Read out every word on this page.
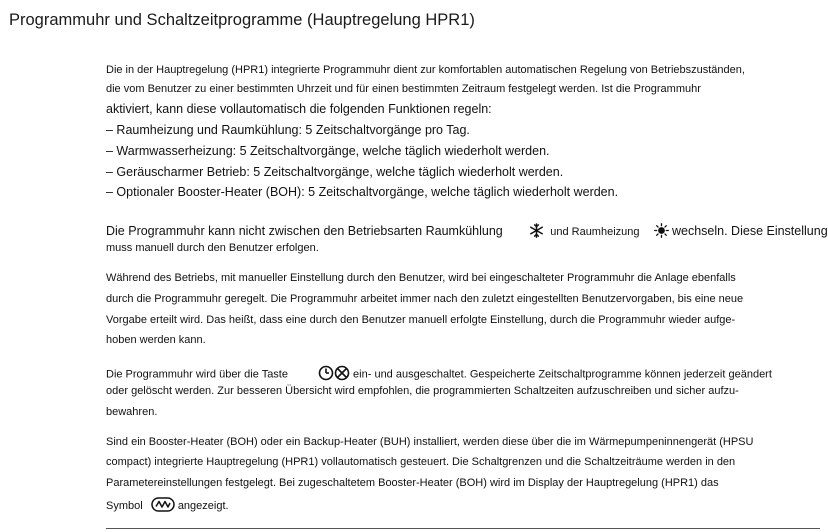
Programmuhr und Schaltzeitprogramme (Hauptregelung HPR1)
Die in der Hauptregelung (HPR1) integrierte Programmuhr dient zur komfortablen automatischen Regelung von Betriebszuständen,
die vom Benutzer zu einer bestimmten Uhrzeit und für einen bestimmten Zeitraum festgelegt werden. Ist die Programmuhr
aktiviert, kann diese vollautomatisch die folgenden Funktionen regeln:
– Raumheizung und Raumkühlung: 5 Zeitschaltvorgänge pro Tag.
– Warmwasserheizung: 5 Zeitschaltvorgänge, welche täglich wiederholt werden.
– Geräuscharmer Betrieb: 5 Zeitschaltvorgänge, welche täglich wiederholt werden.
– Optionaler Booster-Heater (BOH): 5 Zeitschaltvorgänge, welche täglich wiederholt werden.
Die Programmuhr kann nicht zwischen den Betriebsarten Raumkühlung	und Raumheizung	wechseln. Diese Einstellung
muss manuell durch den Benutzer erfolgen.
Während des Betriebs, mit manueller Einstellung durch den Benutzer, wird bei eingeschalteter Programmuhr die Anlage ebenfalls
durch die Programmuhr geregelt. Die Programmuhr arbeitet immer nach den zuletzt eingestellten Benutzervorgaben, bis eine neue
Vorgabe erteilt wird. Das heißt, dass eine durch den Benutzer manuell erfolgte Einstellung, durch die Programmuhr wieder aufge-
hoben werden kann.
Die Programmuhr wird über die Taste	ein- und ausgeschaltet. Gespeicherte Zeitschaltprogramme können jederzeit geändert
oder gelöscht werden. Zur besseren Übersicht wird empfohlen, die programmierten Schaltzeiten aufzuschreiben und sicher aufzu-
bewahren.
Sind ein Booster-Heater (BOH) oder ein Backup-Heater (BUH) installiert, werden diese über die im Wärmepumpeninnengerät (HPSU
compact) integrierte Hauptregelung (HPR1) vollautomatisch gesteuert. Die Schaltgrenzen und die Schaltzeiträume werden in den
Parametereinstellungen festgelegt. Bei zugeschaltetem Booster-Heater (BOH) wird im Display der Hauptregelung (HPR1) das
Symbol	angezeigt.
